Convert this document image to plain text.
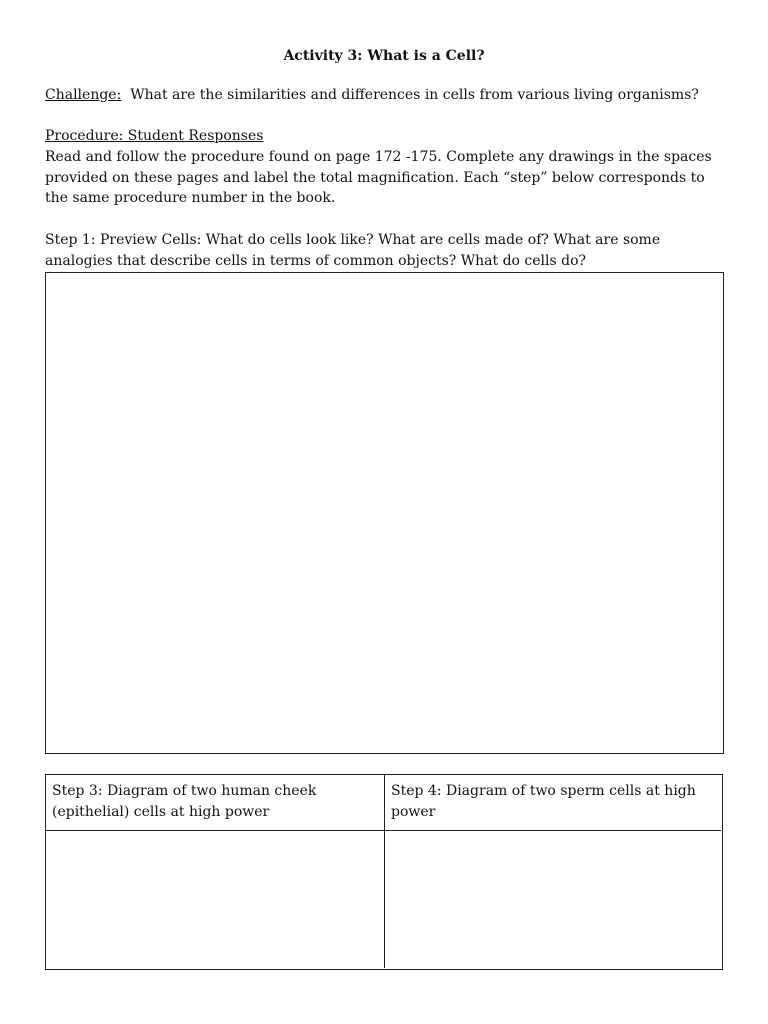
Activity 3: What is a Cell?
Challenge: What are the similarities and differences in cells from various living organisms?
Procedure: Student Responses
Read and follow the procedure found on page 172 -175. Complete any drawings in the spaces provided on these pages and label the total magnification. Each “step” below corresponds to the same procedure number in the book.
Step 1: Preview Cells: What do cells look like? What are cells made of? What are some analogies that describe cells in terms of common objects? What do cells do?
Step 3: Diagram of two human cheek (epithelial) cells at high power
Step 4: Diagram of two sperm cells at high power
